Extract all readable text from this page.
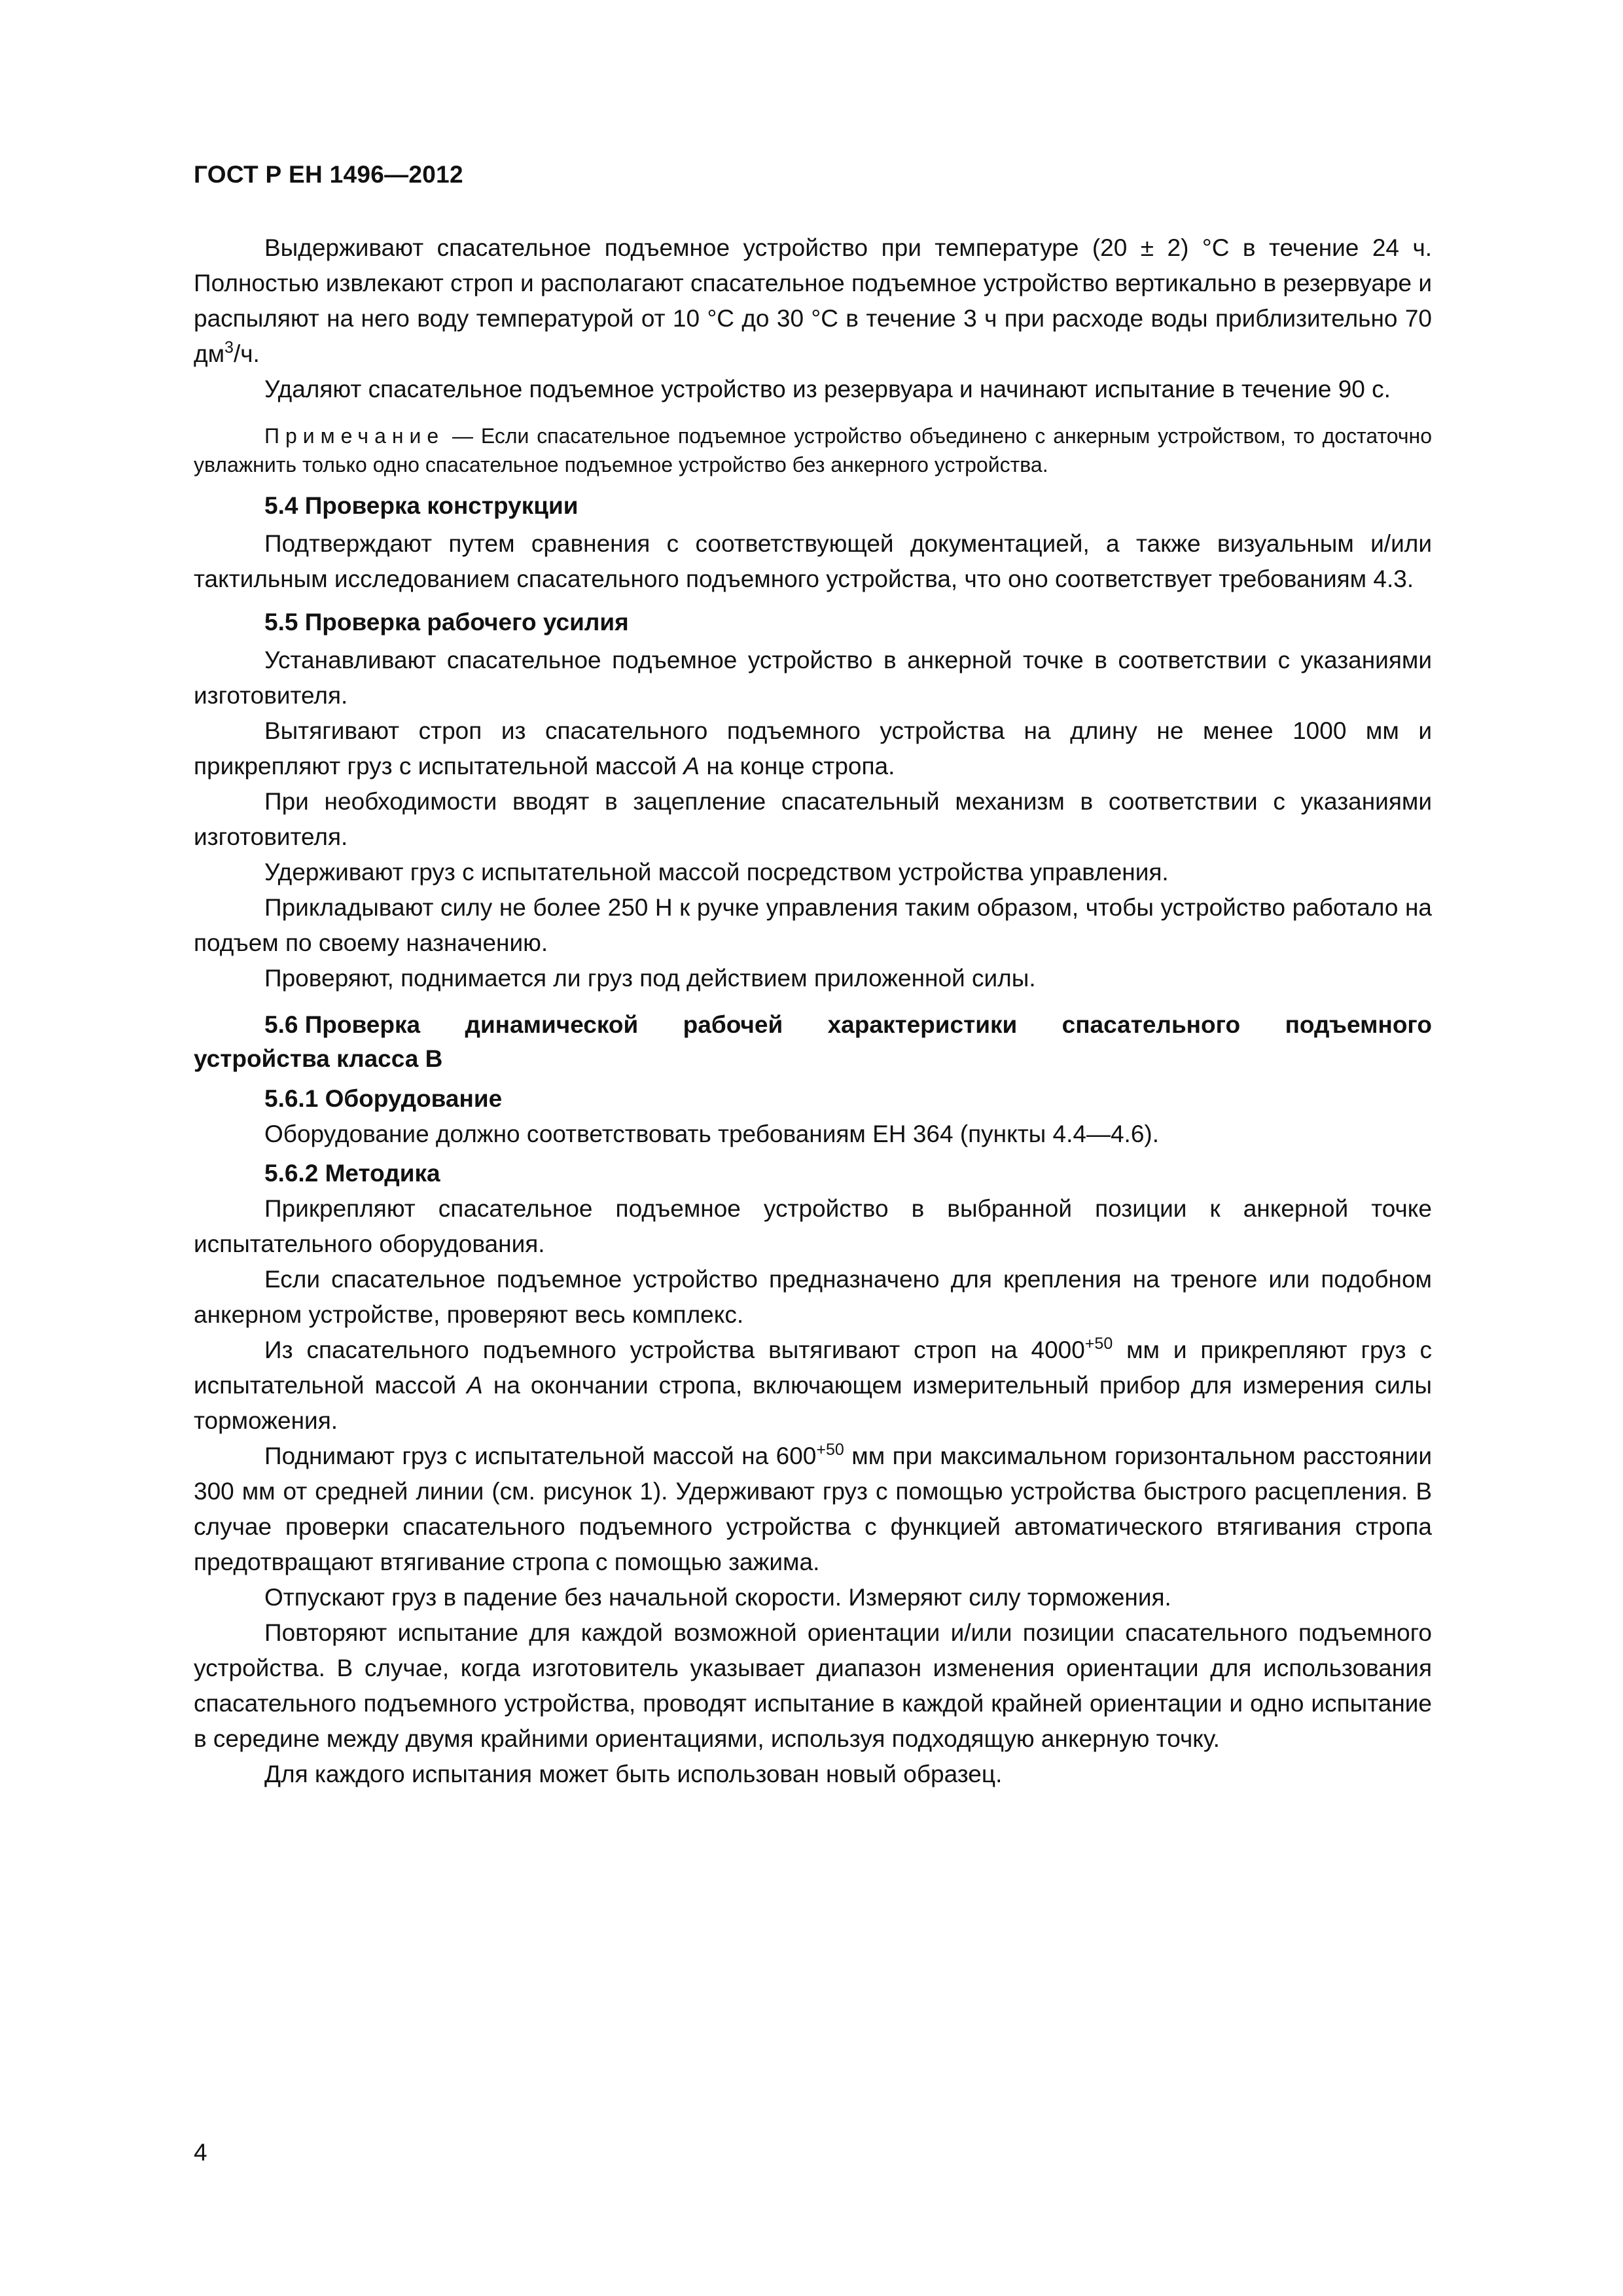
ГОСТ Р ЕН 1496—2012

Выдерживают спасательное подъемное устройство при температуре (20 ± 2) °С в течение 24 ч. Полностью извлекают строп и располагают спасательное подъемное устройство вертикально в резервуаре и распыляют на него воду температурой от 10 °С до 30 °С в течение 3 ч при расходе воды приблизительно 70 $дм^3/ч$.

Удаляют спасательное подъемное устройство из резервуара и начинают испытание в течение 90 с.

Примечание — Если спасательное подъемное устройство объединено с анкерным устройством, то достаточно увлажнить только одно спасательное подъемное устройство без анкерного устройства.

5.4 Проверка конструкции

Подтверждают путем сравнения с соответствующей документацией, а также визуальным и/или тактильным исследованием спасательного подъемного устройства, что оно соответствует требованиям 4.3.

5.5 Проверка рабочего усилия

Устанавливают спасательное подъемное устройство в анкерной точке в соответствии с указаниями изготовителя.

Вытягивают строп из спасательного подъемного устройства на длину не менее 1000 мм и прикрепляют груз с испытательной массой A на конце стропа.

При необходимости вводят в зацепление спасательный механизм в соответствии с указаниями изготовителя.

Удерживают груз с испытательной массой посредством устройства управления.

Прикладывают силу не более 250 Н к ручке управления таким образом, чтобы устройство работало на подъем по своему назначению.

Проверяют, поднимается ли груз под действием приложенной силы.

5.6 Проверка динамической рабочей характеристики спасательного подъемного
устройства класса В
5.6.1 Оборудование

Оборудование должно соответствовать требованиям ЕН 364 (пункты 4.4—4.6).

5.6.2 Методика

Прикрепляют спасательное подъемное устройство в выбранной позиции к анкерной точке испытательного оборудования.

Если спасательное подъемное устройство предназначено для крепления на треноге или подобном анкерном устройстве, проверяют весь комплекс.

Из спасательного подъемного устройства вытягивают строп на $4000^{+50}$ мм и прикрепляют груз с испытательной массой A на окончании стропа, включающем измерительный прибор для измерения силы торможения.

Поднимают груз с испытательной массой на $600^{+50}$ мм при максимальном горизонтальном расстоянии 300 мм от средней линии (см. рисунок 1). Удерживают груз с помощью устройства быстрого расцепления. В случае проверки спасательного подъемного устройства с функцией автоматического втягивания стропа предотвращают втягивание стропа с помощью зажима.

Отпускают груз в падение без начальной скорости. Измеряют силу торможения.

Повторяют испытание для каждой возможной ориентации и/или позиции спасательного подъемного устройства. В случае, когда изготовитель указывает диапазон изменения ориентации для использования спасательного подъемного устройства, проводят испытание в каждой крайней ориентации и одно испытание в середине между двумя крайними ориентациями, используя подходящую анкерную точку.

Для каждого испытания может быть использован новый образец.

4
